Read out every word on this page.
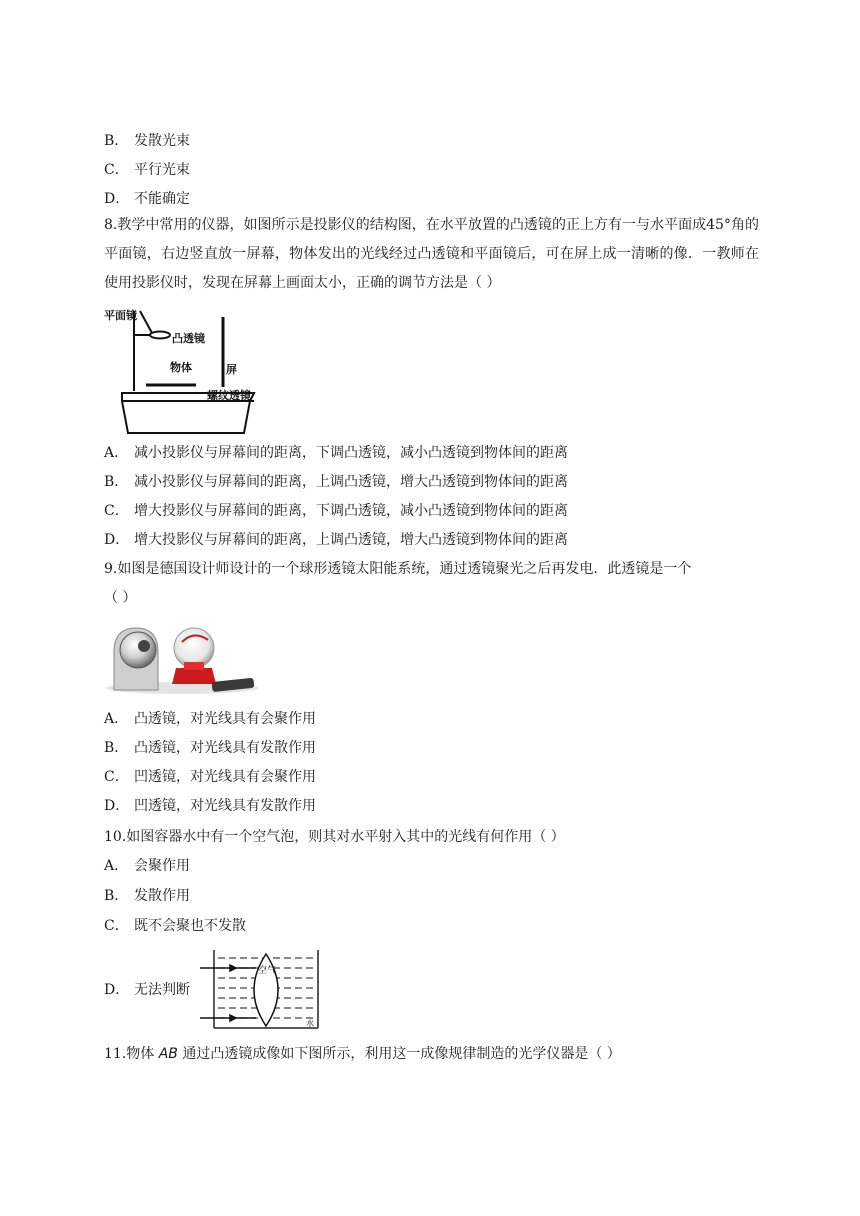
B． 发散光束
C． 平行光束
D． 不能确定
8.教学中常用的仪器，如图所示是投影仪的结构图，在水平放置的凸透镜的正上方有一与水平面成45°角的平面镜，右边竖直放一屏幕，物体发出的光线经过凸透镜和平面镜后，可在屏上成一清晰的像．一教师在使用投影仪时，发现在屏幕上画面太小，正确的调节方法是（ ）
平面镜
凸透镜
物体	屏
螺纹透镜
A． 减小投影仪与屏幕间的距离，下调凸透镜，减小凸透镜到物体间的距离
B． 减小投影仪与屏幕间的距离，上调凸透镜，增大凸透镜到物体间的距离
C． 增大投影仪与屏幕间的距离，下调凸透镜，减小凸透镜到物体间的距离
D． 增大投影仪与屏幕间的距离，上调凸透镜，增大凸透镜到物体间的距离
9.如图是德国设计师设计的一个球形透镜太阳能系统，通过透镜聚光之后再发电．此透镜是一个
（ ）
A． 凸透镜，对光线具有会聚作用
B． 凸透镜，对光线具有发散作用
C． 凹透镜，对光线具有会聚作用
D． 凹透镜，对光线具有发散作用
10.如图容器水中有一个空气泡，则其对水平射入其中的光线有何作用（ ）
A． 会聚作用
B． 发散作用
C． 既不会聚也不发散
D． 无法判断
空气
水
11.物体 AB 通过凸透镜成像如下图所示，利用这一成像规律制造的光学仪器是（ ）
